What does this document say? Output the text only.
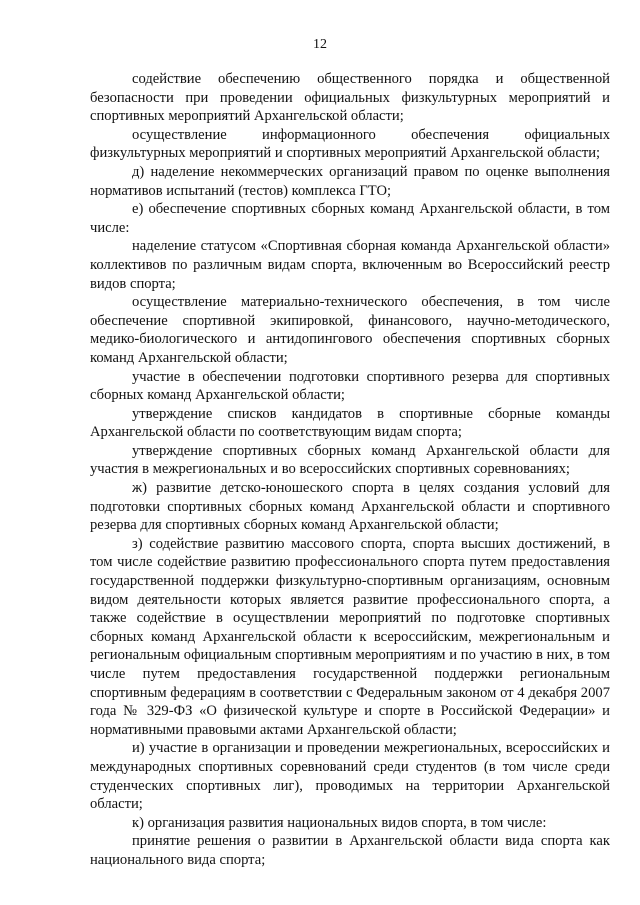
12

содействие обеспечению общественного порядка и общественной безопасности при проведении официальных физкультурных мероприятий и спортивных мероприятий Архангельской области;

осуществление информационного обеспечения официальных физкультурных мероприятий и спортивных мероприятий Архангельской области;

д) наделение некоммерческих организаций правом по оценке выполнения нормативов испытаний (тестов) комплекса ГТО;

е) обеспечение спортивных сборных команд Архангельской области, в том числе:

наделение статусом «Спортивная сборная команда Архангельской области» коллективов по различным видам спорта, включенным во Всероссийский реестр видов спорта;

осуществление материально-технического обеспечения, в том числе обеспечение спортивной экипировкой, финансового, научно-методического, медико-биологического и антидопингового обеспечения спортивных сборных команд Архангельской области;

участие в обеспечении подготовки спортивного резерва для спортивных сборных команд Архангельской области;

утверждение списков кандидатов в спортивные сборные команды Архангельской области по соответствующим видам спорта;

утверждение спортивных сборных команд Архангельской области для участия в межрегиональных и во всероссийских спортивных соревнованиях;

ж) развитие детско-юношеского спорта в целях создания условий для подготовки спортивных сборных команд Архангельской области и спортивного резерва для спортивных сборных команд Архангельской области;

з) содействие развитию массового спорта, спорта высших достижений, в том числе содействие развитию профессионального спорта путем предоставления государственной поддержки физкультурно-спортивным организациям, основным видом деятельности которых является развитие профессионального спорта, а также содействие в осуществлении мероприятий по подготовке спортивных сборных команд Архангельской области к всероссийским, межрегиональным и региональным официальным спортивным мероприятиям и по участию в них, в том числе путем предоставления государственной поддержки региональным спортивным федерациям в соответствии с Федеральным законом от 4 декабря 2007 года № 329-ФЗ «О физической культуре и спорте в Российской Федерации» и нормативными правовыми актами Архангельской области;

и) участие в организации и проведении межрегиональных, всероссийских и международных спортивных соревнований среди студентов (в том числе среди студенческих спортивных лиг), проводимых на территории Архангельской области;

к) организация развития национальных видов спорта, в том числе:

принятие решения о развитии в Архангельской области вида спорта как национального вида спорта;
